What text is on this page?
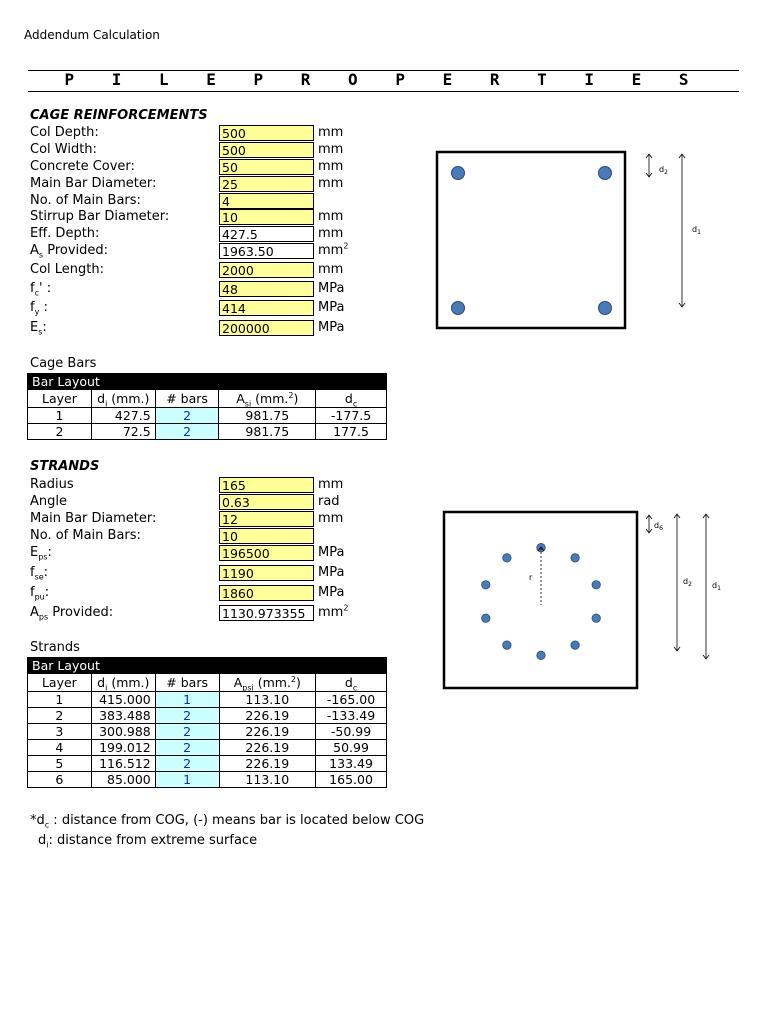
Addendum Calculation
P I L E P R O P E R T I E S
CAGE REINFORCEMENTS
Col Depth:	500	mm
Col Width:	500	mm
Concrete Cover:	50	mm
Main Bar Diameter:	25	mm
No. of Main Bars:	4
Stirrup Bar Diameter:	10	mm
Eff. Depth:	427.5	mm
$A_s$ Provided:	1963.50	$mm^2$
Col Length:	2000	mm
$f_c'$ :	48	MPa
$f_y$ :	414	MPa
$E_s$:	200000	MPa
$d_2$
$d_1$
Cage Bars
Bar Layout				
Layer	$d_i$ (mm.)	# bars	$A_{si}$ (mm.$^2$)	$d_c$
1	427.5	2	981.75	-177.5
2	72.5	2	981.75	177.5
STRANDS
Radius	165	mm
Angle	0.63	rad
Main Bar Diameter:	12	mm
No. of Main Bars:	10
$E_{ps}$:	196500	MPa
$f_{se}$:	1190	MPa
$f_{pu}$:	1860	MPa
$A_{ps}$ Provided:	1130.973355 $mm^2$
r
$d_6$
$d_2$	$d_1$
Strands
Bar Layout				
Layer	$d_i$ (mm.)	# bars	$A_{psi}$ (mm.$^2$)	$d_c$
1	415.000	1	113.10	-165.00
2	383.488	2	226.19	-133.49
3	300.988	2	226.19	-50.99
4	199.012	2	226.19	50.99
5	116.512	2	226.19	133.49
6	85.000	1	113.10	165.00
$*d_c$ : distance from COG, (-) means bar is located below COG
$d_i$: distance from extreme surface
